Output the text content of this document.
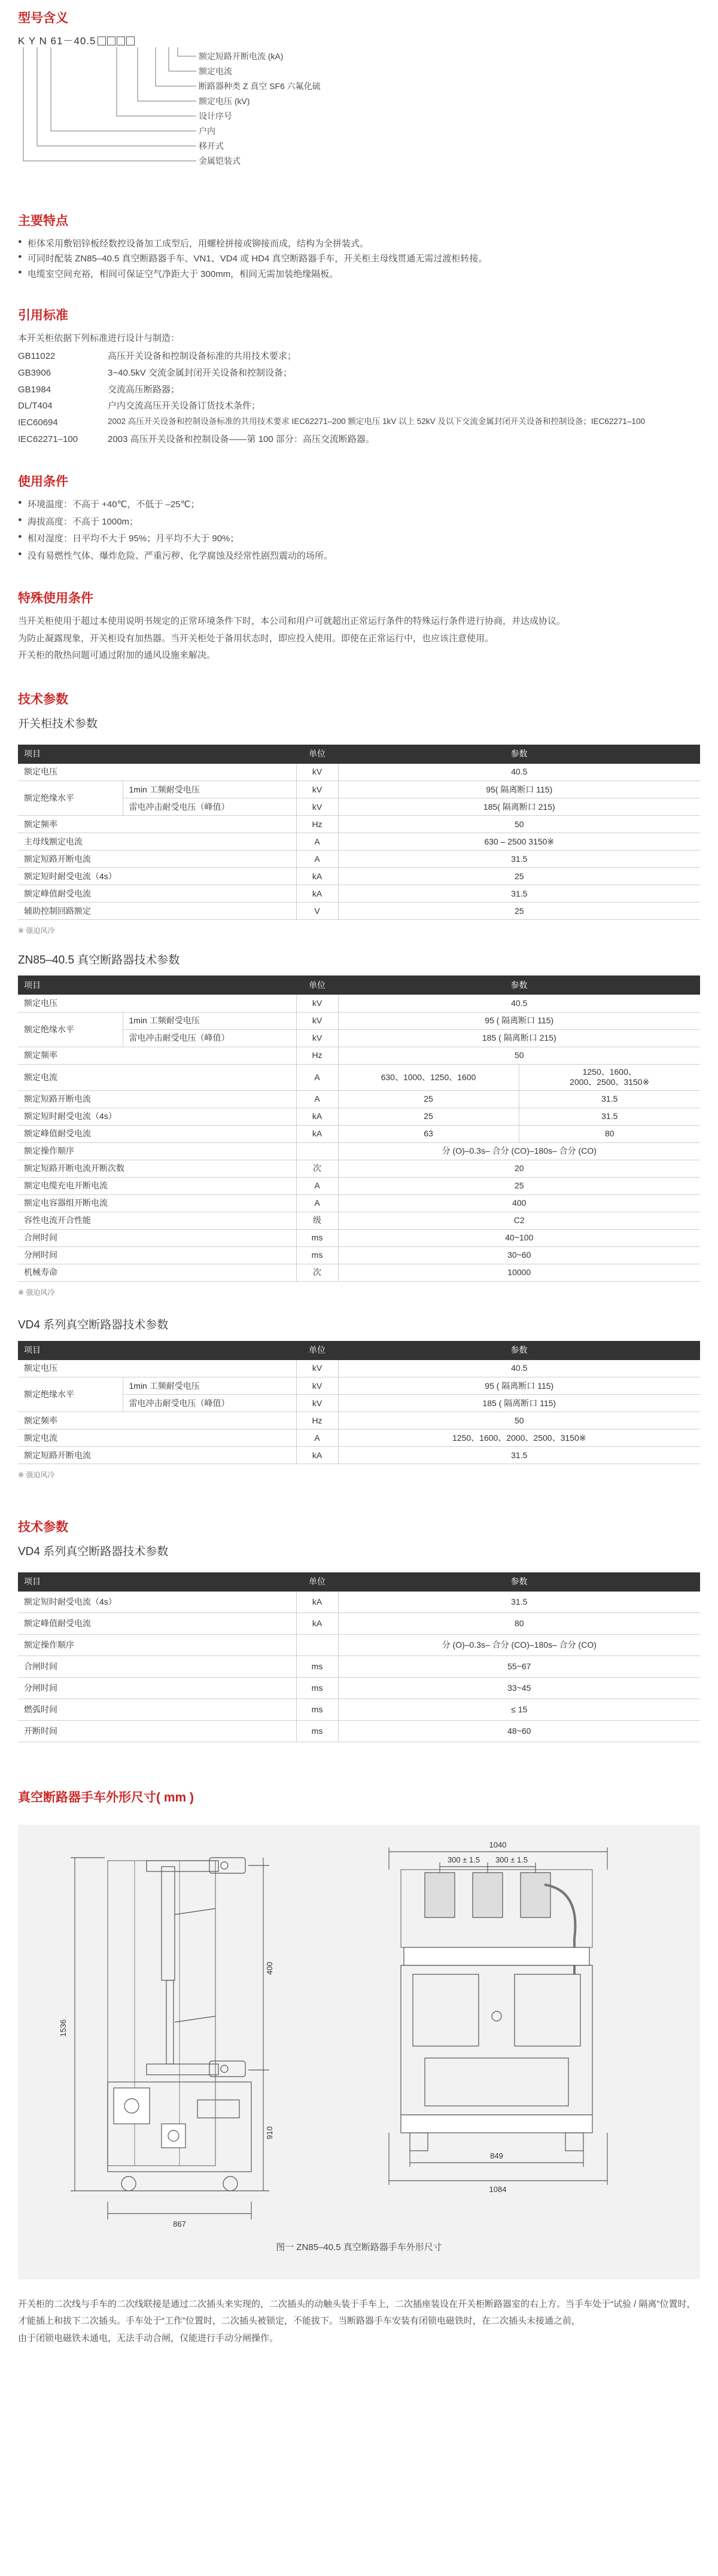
型号含义
K Y N 61－40.5
额定短路开断电流 (kA)
额定电流
断路器种类 Z 真空 SF6 六氟化硫
额定电压 (kV)
设计序号
户内
移开式
金属铠装式
主要特点
● 柜体采用敷铝锌板经数控设备加工成型后，用螺栓拼接或铆接而成，结构为全拼装式。
● 可同时配装 ZN85–40.5 真空断路器手车、VN1、VD4 或 HD4 真空断路器手车，开关柜主母线贯通无需过渡柜转接。
● 电缆室空间充裕，相间可保证空气净距大于 300mm，相间无需加装绝缘隔板。
引用标准

本开关柜依据下列标准进行设计与制造：

GB11022	高压开关设备和控制设备标准的共用技术要求；
GB3906	3~40.5kV 交流金属封闭开关设备和控制设备；
GB1984	交流高压断路器；
DL/T404	户内交流高压开关设备订货技术条件；
IEC60694	2002 高压开关设备和控制设备标准的共用技术要求 IEC62271–200 额定电压 1kV 以上 52kV 及以下交流金属封闭开关设备和控制设备；IEC62271–100
IEC62271–100	2003 高压开关设备和控制设备——第 100 部分：高压交流断路器。
使用条件
● 环境温度：不高于 +40℃，不低于 –25℃；
● 海拔高度：不高于 1000m；
● 相对湿度：日平均不大于 95%；月平均不大于 90%；
● 没有易燃性气体、爆炸危险、严重污秽、化学腐蚀及经常性剧烈震动的场所。
特殊使用条件

当开关柜使用于超过本使用说明书规定的正常环境条件下时，本公司和用户可就超出正常运行条件的特殊运行条件进行协商，并达成协议。

为防止凝露现象，开关柜设有加热器。当开关柜处于备用状态时，即应投入使用。即使在正常运行中，也应该注意使用。

开关柜的散热问题可通过附加的通风设施来解决。

技术参数
开关柜技术参数
项目		单位	参数
额定电压		kV	40.5
额定绝缘水平	1min 工频耐受电压	kV	95( 隔离断口 115)
	雷电冲击耐受电压（峰值）	kV	185( 隔离断口 215)
额定频率		Hz	50
主母线额定电流		A	630 – 2500 3150※
额定短路开断电流		A	31.5
额定短时耐受电流（4s）		kA	25
额定峰值耐受电流		kA	31.5
辅助控制回路额定		V	25
※ 强迫风冷
ZN85–40.5 真空断路器技术参数
项目		单位	参数	
额定电压		kV	40.5	
额定绝缘水平	1min 工频耐受电压	kV	95 ( 隔离断口 115)	
	雷电冲击耐受电压（峰值）	kV	185 ( 隔离断口 215)	
额定频率		Hz	50	
额定电流		A	630、1000、1250、1600	1250、1600、
2000、2500、3150※

额定短路开断电流		A	25	31.5
额定短时耐受电流（4s）		kA	25	31.5
额定峰值耐受电流		kA	63	80
额定操作顺序			分 (O)–0.3s– 合分 (CO)–180s– 合分 (CO)	
额定短路开断电流开断次数		次	20	
额定电缆充电开断电流		A	25	
额定电容器组开断电流		A	400	
容性电流开合性能		级	C2	
合闸时间		ms	40~100	
分闸时间		ms	30~60	
机械寿命		次	10000	
※ 强迫风冷
VD4 系列真空断路器技术参数
项目		单位	参数
额定电压		kV	40.5
额定绝缘水平	1min 工频耐受电压	kV	95 ( 隔离断口 115)
	雷电冲击耐受电压（峰值）	kV	185 ( 隔离断口 115)
额定频率		Hz	50
额定电流		A	1250、1600、2000、2500、3150※
额定短路开断电流		kA	31.5
※ 强迫风冷
技术参数
VD4 系列真空断路器技术参数
项目	单位	参数
额定短时耐受电流（4s）	kA	31.5
额定峰值耐受电流	kA	80
额定操作顺序		分 (O)–0.3s– 合分 (CO)–180s– 合分 (CO)
合闸时间	ms	55~67
分闸时间	ms	33~45
燃弧时间	ms	≤ 15
开断时间	ms	48~60
真空断路器手车外形尺寸( mm )
1536
400
910
867
1040
300 ± 1.5 300 ± 1.5
849
1084
图一 ZN85–40.5 真空断路器手车外形尺寸

开关柜的二次线与手车的二次线联接是通过二次插头来实现的，二次插头的动触头装于手车上，二次插座装设在开关柜断路器室的右上方。当手车处于“试验 / 隔离”位置时，才能插上和拔下二次插头。手车处于“工作”位置时，二次插头被锁定，不能拔下。当断路器手车安装有闭锁电磁铁时，在二次插头未接通之前，

由于闭锁电磁铁未通电，无法手动合闸，仅能进行手动分闸操作。
